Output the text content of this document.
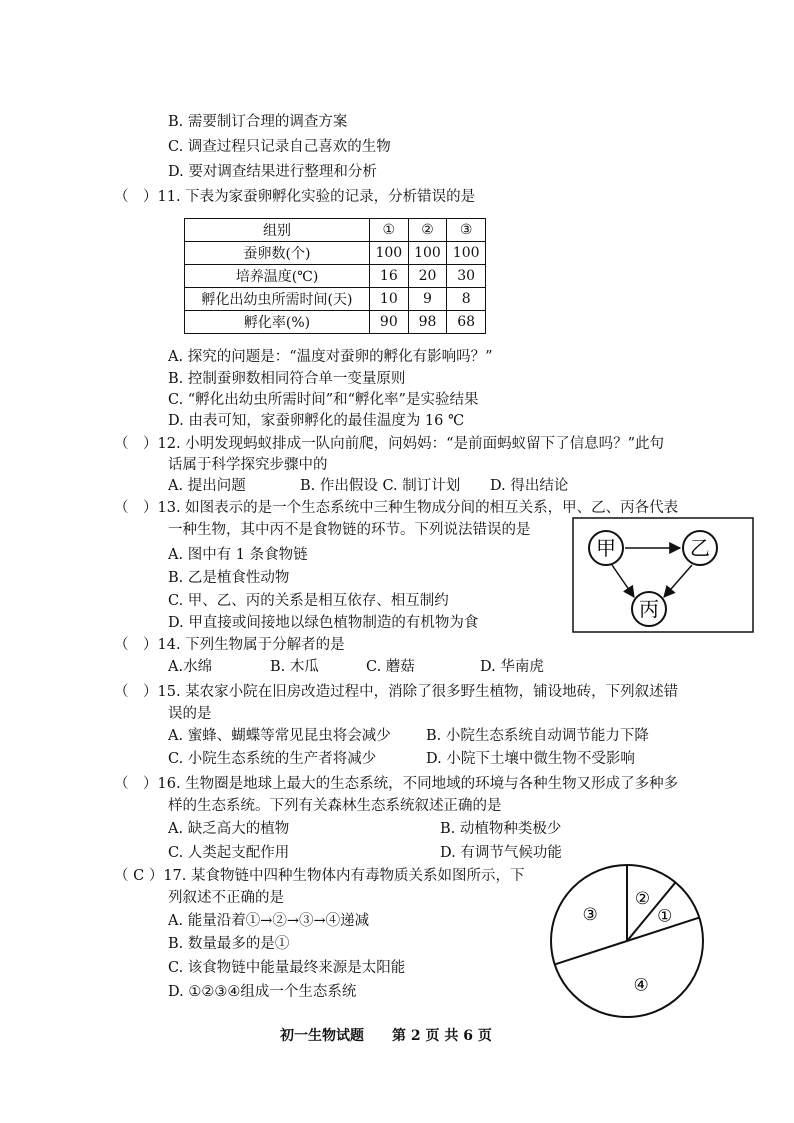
B. 需要制订合理的调查方案
C. 调查过程只记录自己喜欢的生物
D. 要对调查结果进行整理和分析
（　）11. 下表为家蚕卵孵化实验的记录，分析错误的是
组别	①	②	③
蚕卵数(个)	100	100	100
培养温度(℃)	16	20	30
孵化出幼虫所需时间(天)	10	9	8
孵化率(%)	90	98	68
A. 探究的问题是：“温度对蚕卵的孵化有影响吗？”
B. 控制蚕卵数相同符合单一变量原则
C. “孵化出幼虫所需时间”和“孵化率”是实验结果
D. 由表可知，家蚕卵孵化的最佳温度为 16 ℃
（　）12. 小明发现蚂蚁排成一队向前爬，问妈妈：“是前面蚂蚁留下了信息吗？”此句
话属于科学探究步骤中的
A. 提出问题	B. 作出假设 C. 制订计划 D. 得出结论
（　）13. 如图表示的是一个生态系统中三种生物成分间的相互关系，甲、乙、丙各代表
一种生物，其中丙不是食物链的环节。下列说法错误的是
A. 图中有 1 条食物链
B. 乙是植食性动物
C. 甲、乙、丙的关系是相互依存、相互制约
D. 甲直接或间接地以绿色植物制造的有机物为食
甲	乙
丙
（　）14. 下列生物属于分解者的是
A.水绵	B. 木瓜	C. 蘑菇	D. 华南虎
（　）15. 某农家小院在旧房改造过程中，消除了很多野生植物，铺设地砖，下列叙述错
误的是
A. 蜜蜂、蝴蝶等常见昆虫将会减少 B. 小院生态系统自动调节能力下降
C. 小院生态系统的生产者将减少	D. 小院下土壤中微生物不受影响
（　）16. 生物圈是地球上最大的生态系统，不同地域的环境与各种生物又形成了多种多
样的生态系统。下列有关森林生态系统叙述正确的是
A. 缺乏高大的植物	B. 动植物种类极少
C. 人类起支配作用	D. 有调节气候功能
（ C ）17. 某食物链中四种生物体内有毒物质关系如图所示，下
列叙述不正确的是
A. 能量沿着①→②→③→④递减
B. 数量最多的是①
C. 该食物链中能量最终来源是太阳能
D. ①②③④组成一个生态系统
②
①
④
③
初一生物试题　　第 2 页 共 6 页
